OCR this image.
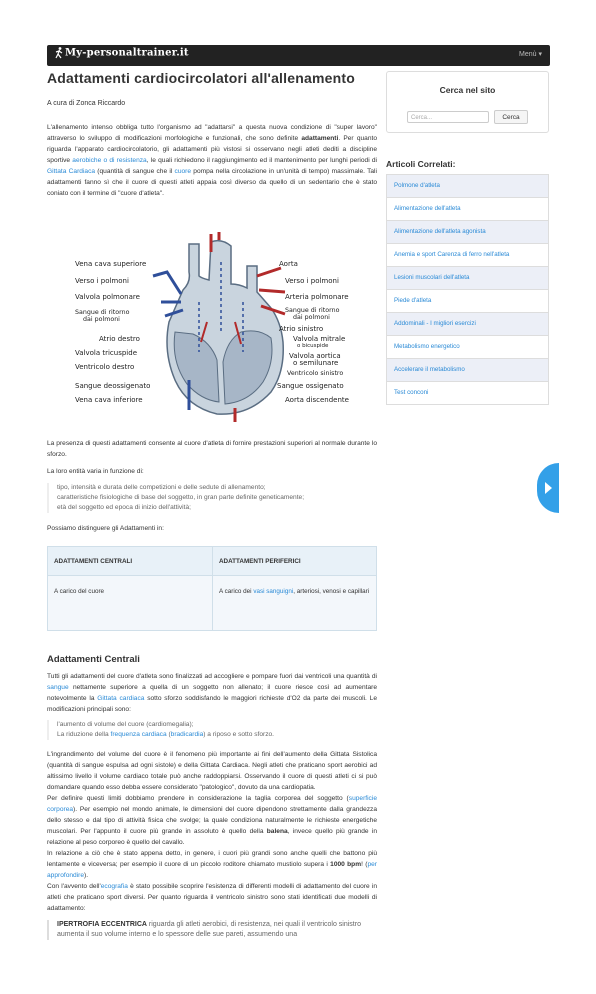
My-personaltrainer.it	Menù ▾
Adattamenti cardiocircolatori all'allenamento
A cura di Zonca Riccardo

L'allenamento intenso obbliga tutto l'organismo ad "adattarsi" a questa nuova condizione di "super lavoro" attraverso lo sviluppo di modificazioni morfologiche e funzionali, che sono definite adattamenti. Per quanto riguarda l'apparato cardiocircolatorio, gli adattamenti più vistosi si osservano negli atleti dediti a discipline sportive aerobiche o di resistenza, le quali richiedono il raggiungimento ed il mantenimento per lunghi periodi di Gittata Cardiaca (quantità di sangue che il cuore pompa nella circolazione in un'unità di tempo) massimale. Tali adattamenti fanno sì che il cuore di questi atleti appaia così diverso da quello di un sedentario che è stato coniato con il termine di "cuore d'atleta".

Vena cava superiore
Verso i polmoni
Valvola polmonare
Sangue di ritorno
dai polmoni
Atrio destro
Valvola tricuspide
Ventricolo destro
Sangue deossigenato
Vena cava inferiore
Aorta
Verso i polmoni
Arteria polmonare
Sangue di ritorno
dai polmoni
Atrio sinistro
Valvola mitrale
o bicuspide
Valvola aortica
o semilunare
Ventricolo sinistro
Sangue ossigenato
Aorta discendente

La presenza di questi adattamenti consente al cuore d'atleta di fornire prestazioni superiori al normale durante lo sforzo.

La loro entità varia in funzione di:

tipo, intensità e durata delle competizioni e delle sedute di allenamento;
caratteristiche fisiologiche di base del soggetto, in gran parte definite geneticamente;
età del soggetto ed epoca di inizio dell'attività;

Possiamo distinguere gli Adattamenti in:

ADATTAMENTI CENTRALI	ADATTAMENTI PERIFERICI
A carico del cuore	A carico dei vasi sanguigni, arteriosi, venosi e capillari
Adattamenti Centrali

Tutti gli adattamenti del cuore d'atleta sono finalizzati ad accogliere e pompare fuori dai ventricoli una quantità di sangue nettamente superiore a quella di un soggetto non allenato; il cuore riesce così ad aumentare notevolmente la Gittata cardiaca sotto sforzo soddisfando le maggiori richieste d'O2 da parte dei muscoli. Le modificazioni principali sono:

l'aumento di volume del cuore (cardiomegalia);
La riduzione della frequenza cardiaca (bradicardia) a riposo e sotto sforzo.

L'ingrandimento del volume del cuore è il fenomeno più importante ai fini dell'aumento della Gittata Sistolica (quantità di sangue espulsa ad ogni sistole) e della Gittata Cardiaca. Negli atleti che praticano sport aerobici ad altissimo livello il volume cardiaco totale può anche raddoppiarsi. Osservando il cuore di questi atleti ci si può domandare quando esso debba essere considerato "patologico", dovuto da una cardiopatia.

Per definire questi limiti dobbiamo prendere in considerazione la taglia corporea del soggetto (superficie corporea). Per esempio nel mondo animale, le dimensioni del cuore dipendono strettamente dalla grandezza dello stesso e dal tipo di attività fisica che svolge; la quale condiziona naturalmente le richieste energetiche muscolari. Per l'appunto il cuore più grande in assoluto è quello della balena, invece quello più grande in relazione al peso corporeo è quello del cavallo.

In relazione a ciò che è stato appena detto, in genere, i cuori più grandi sono anche quelli che battono più lentamente e viceversa; per esempio il cuore di un piccolo roditore chiamato mustiolo supera i 1000 bpm! (per approfondire).

Con l'avvento dell'ecografia è stato possibile scoprire l'esistenza di differenti modelli di adattamento del cuore in atleti che praticano sport diversi. Per quanto riguarda il ventricolo sinistro sono stati identificati due modelli di adattamento:

IPERTROFIA ECCENTRICA riguarda gli atleti aerobici, di resistenza, nei quali il ventricolo sinistro aumenta il suo volume interno e lo spessore delle sue pareti, assumendo una
Cerca nel sito
Cerca...	Cerca
Articoli Correlati:
Polmone d'atleta
Alimentazione dell'atleta
Alimentazione dell'atleta agonista
Anemia e sport Carenza di ferro nell'atleta
Lesioni muscolari dell'atleta
Piede d'atleta
Addominali - I migliori esercizi
Metabolismo energetico
Accelerare il metabolismo
Test conconi
